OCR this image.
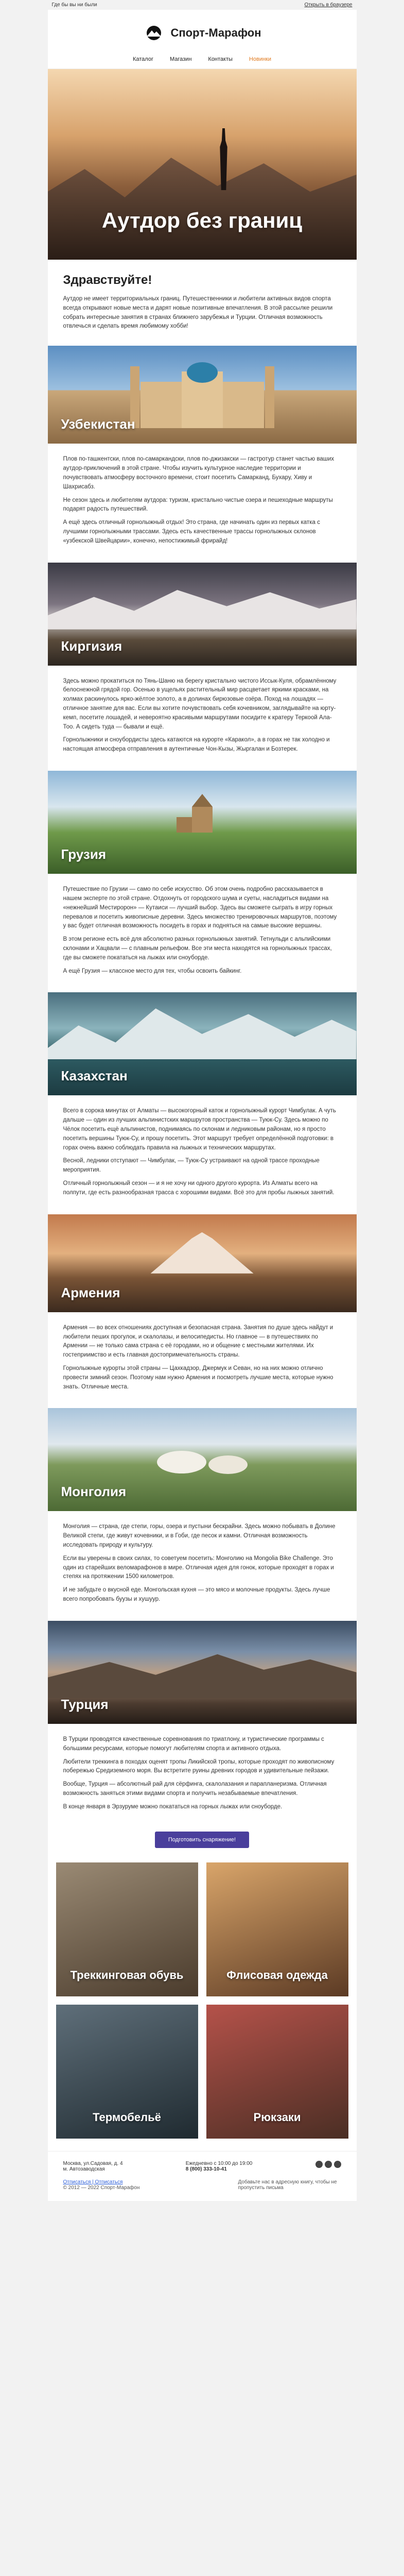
Где бы вы ни были	Открыть в браузере
Спорт-Марафон
Каталог	Магазин	Контакты	Новинки
Аутдор без границ
Здравствуйте!

Аутдор не имеет территориальных границ. Путешественники и любители активных видов спорта всегда открывают новые места и дарят новые позитивные впечатления. В этой рассылке решили собрать интересные занятия в странах ближнего зарубежья и Турции. Отличная возможность отвлечься и сделать время любимому хобби!

Узбекистан

Плов по-ташкентски, плов по-самаркандски, плов по-джизакски — гастротур станет частью ваших аутдор-приключений в этой стране. Чтобы изучить культурное наследие территории и почувствовать атмосферу восточного времени, стоит посетить Самарканд, Бухару, Хиву и Шахрисабз.

Не сезон здесь и любителям аутдора: туризм, кристально чистые озера и пешеходные маршруты подарят радость путешествий.

А ещё здесь отличный горнолыжный отдых! Это страна, где начинать один из первых катка с лучшими горнолыжными трассами. Здесь есть качественные трассы горнолыжных склонов «узбекской Швейцарии», конечно, непостижимый фрирайд!

Киргизия

Здесь можно прокатиться по Тянь-Шаню на берегу кристально чистого Иссык-Куля, обрамлённому белоснежной грядой гор. Осенью в ущельях растительный мир расцветает яркими красками, на холмах раскинулось ярко-жёлтое золото, а в долинах бирюзовые озёра. Поход на лошадях — отличное занятие для вас. Если вы хотите почувствовать себя кочевником, заглядывайте на юрту-кемп, посетите лошадей, и невероятно красивыми маршрутами посидите к кратеру Теркоой Ала-Тоо. А сидеть туда — бывали и ещё.

Горнолыжники и сноубордисты здесь катаются на курорте «Каракол», а в горах не так холодно и настоящая атмосфера отправления в аутентичные Чон-Кызы, Жыргалан и Бозтерек.

Грузия

Путешествие по Грузии — само по себе искусство. Об этом очень подробно рассказывается в нашем эксперте по этой стране. Отдохнуть от городского шума и суеты, насладиться видами на «нежнейший Местиророн» — Кутаиси — лучший выбор. Здесь вы сможете сыграть в игру горных перевалов и посетить живописные деревни. Здесь множество тренировочных маршрутов, поэтому у вас будет отличная возможность посидеть в горах и подняться на самые высокие вершины.

В этом регионе есть всё для абсолютно разных горнолыжных занятий. Тетнульди с альпийскими склонами и Хацвали — с плавным рельефом. Все эти места находятся на горнолыжных трассах, где вы сможете покататься на лыжах или сноуборде.

А ещё Грузия — классное место для тех, чтобы освоить байкинг.

Казахстан

Всего в сорока минутах от Алматы — высокогорный каток и горнолыжный курорт Чимбулак. А чуть дальше — один из лучших альпинистских маршрутов пространства — Туюк-Су. Здесь можно по Чёлок посетить ещё альпинистов, поднимаясь по склонам и ледниковым районам, но я просто посетить вершины Туюк-Су, и прошу посетить. Этот маршрут требует определённой подготовки: в горах очень важно соблюдать правила на лыжных и технических маршрутах.

Весной, ледники отступают — Чимбулак, — Туюк-Су устраивают на одной трассе проходные мероприятия.

Отличный горнолыжный сезон — и я не хочу ни одного другого курорта. Из Алматы всего на полпути, где есть разнообразная трасса с хорошими видами. Всё это для пробы лыжных занятий.

Армения

Армения — во всех отношениях доступная и безопасная страна. Занятия по душе здесь найдут и любители пеших прогулок, и скалолазы, и велосипедисты. Но главное — в путешествиях по Армении — не только сама страна с её городами, но и общение с местными жителями. Их гостеприимство и есть главная достопримечательность страны.

Горнолыжные курорты этой страны — Цахкадзор, Джермук и Севан, но на них можно отлично провести зимний сезон. Поэтому нам нужно Армения и посмотреть лучшие места, которые нужно знать. Отличные места.

Монголия

Монголия — страна, где степи, горы, озера и пустыни бескрайни. Здесь можно побывать в Долине Великой степи, где живут кочевники, и в Гоби, где песок и камни. Отличная возможность исследовать природу и культуру.

Если вы уверены в своих силах, то советуем посетить: Монголию на Mongolia Bike Challenge. Это один из старейших веломарафонов в мире. Отличная идея для гонок, которые проходят в горах и степях на протяжении 1500 километров.

И не забудьте о вкусной еде. Монгольская кухня — это мясо и молочные продукты. Здесь лучше всего попробовать буузы и хушуур.

Турция

В Турции проводятся качественные соревнования по триатлону, и туристические программы с большими ресурсами, которые помогут любителям спорта и активного отдыха.

Любители треккинга в походах оценят тропы Ликийской тропы, которые проходят по живописному побережью Средиземного моря. Вы встретите руины древних городов и удивительные пейзажи.

Вообще, Турция — абсолютный рай для сёрфинга, скалолазания и парапланеризма. Отличная возможность заняться этими видами спорта и получить незабываемые впечатления.

В конце января в Эрзуруме можно покататься на горных лыжах или сноуборде.

Подготовить снаряжение!
Треккинговая обувь	Флисовая одежда
Термобельё	Рюкзаки
Москва, ул.Садовая, д. 4
м. Автозаводская
Ежедневно с 10:00 до 19:00
8 (800) 333-10-41
Отписаться | Отписаться
© 2012 — 2022 Спорт-Марафон
Добавьте нас в адресную книгу, чтобы не пропустить письма
